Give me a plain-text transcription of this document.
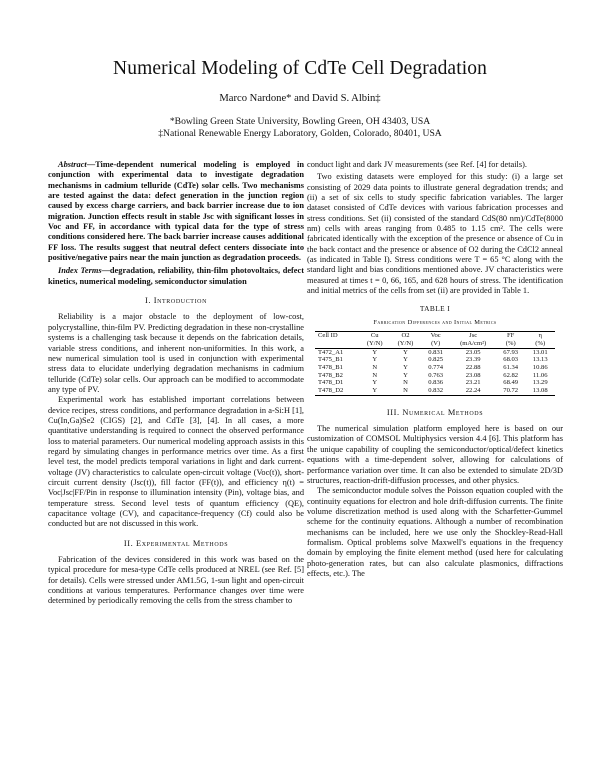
Numerical Modeling of CdTe Cell Degradation
Marco Nardone* and David S. Albin‡
*Bowling Green State University, Bowling Green, OH 43403, USA
‡National Renewable Energy Laboratory, Golden, Colorado, 80401, USA

Abstract—Time-dependent numerical modeling is employed in conjunction with experimental data to investigate degradation mechanisms in cadmium telluride (CdTe) solar cells. Two mechanisms are tested against the data: defect generation in the junction region caused by excess charge carriers, and back barrier increase due to ion migration. Junction effects result in stable Jsc with significant losses in Voc and FF, in accordance with typical data for the type of stress conditions considered here. The back barrier increase causes additional FF loss. The results suggest that neutral defect centers dissociate into positive/negative pairs near the main junction as degradation proceeds.

Index Terms—degradation, reliability, thin-film photovoltaics, defect kinetics, numerical modeling, semiconductor simulation

I. Introduction

Reliability is a major obstacle to the deployment of low-cost, polycrystalline, thin-film PV. Predicting degradation in these non-crystalline systems is a challenging task because it depends on the fabrication details, variable stress conditions, and inherent non-uniformities. In this work, a new numerical simulation tool is used in conjunction with experimental stress data to elucidate underlying degradation mechanisms in cadmium telluride (CdTe) solar cells. Our approach can be modified to accommodate any type of PV.

Experimental work has established important correlations between device recipes, stress conditions, and performance degradation in a-Si:H [1], Cu(In,Ga)Se2 (CIGS) [2], and CdTe [3], [4]. In all cases, a more quantitative understanding is required to connect the observed performance loss to material parameters. Our numerical modeling approach assists in this regard by simulating changes in performance metrics over time. As a first level test, the model predicts temporal variations in light and dark current-voltage (JV) characteristics to calculate open-circuit voltage (Voc(t)), short-circuit current density (Jsc(t)), fill factor (FF(t)), and efficiency η(t) = Voc|Jsc|FF/Pin in response to illumination intensity (Pin), voltage bias, and temperature stress. Second level tests of quantum efficiency (QE), capacitance voltage (CV), and capacitance-frequency (Cf) could also be conducted but are not discussed in this work.

II. Experimental Methods

Fabrication of the devices considered in this work was based on the typical procedure for mesa-type CdTe cells produced at NREL (see Ref. [5] for details). Cells were stressed under AM1.5G, 1-sun light and open-circuit conditions at various temperatures. Performance changes over time were determined by periodically removing the cells from the stress chamber to

conduct light and dark JV measurements (see Ref. [4] for details).

Two existing datasets were employed for this study: (i) a large set consisting of 2029 data points to illustrate general degradation trends; and (ii) a set of six cells to study specific fabrication variables. The larger dataset consisted of CdTe devices with various fabrication processes and stress conditions. Set (ii) consisted of the standard CdS(80 nm)/CdTe(8000 nm) cells with areas ranging from 0.485 to 1.15 cm². The cells were fabricated identically with the exception of the presence or absence of Cu in the back contact and the presence or absence of O2 during the CdCl2 anneal (as indicated in Table I). Stress conditions were T = 65 °C along with the standard light and bias conditions mentioned above. JV characteristics were measured at times t = 0, 66, 165, and 628 hours of stress. The identification and initial metrics of the cells from set (ii) are provided in Table 1.

TABLE I
Fabrication Differences and Initial Metrics
Cell ID	Cu	O2	Voc	Jsc	FF	η
	(Y/N)	(Y/N)	(V)	(mA/cm²)	(%)	(%)
T472_A1	Y	Y	0.831	23.05	67.93	13.01
T475_B1	Y	Y	0.825	23.39	68.03	13.13
T478_B1	N	Y	0.774	22.88	61.34	10.86
T478_B2	N	Y	0.763	23.08	62.82	11.06
T478_D1	Y	N	0.836	23.21	68.49	13.29
T478_D2	Y	N	0.832	22.24	70.72	13.08
III. Numerical Methods

The numerical simulation platform employed here is based on our customization of COMSOL Multiphysics version 4.4 [6]. This platform has the unique capability of coupling the semiconductor/optical/defect kinetics equations with a time-dependent solver, allowing for calculations of performance variation over time. It can also be extended to simulate 2D/3D structures, reaction-drift-diffusion processes, and other physics.

The semiconductor module solves the Poisson equation coupled with the continuity equations for electron and hole drift-diffusion currents. The finite volume discretization method is used along with the Scharfetter-Gummel scheme for the continuity equations. Although a number of recombination mechanisms can be included, here we use only the Shockley-Read-Hall formalism. Optical problems solve Maxwell's equations in the frequency domain by employing the finite element method (used here for calculating photo-generation rates, but can also calculate plasmonics, diffractions effects, etc.). The
